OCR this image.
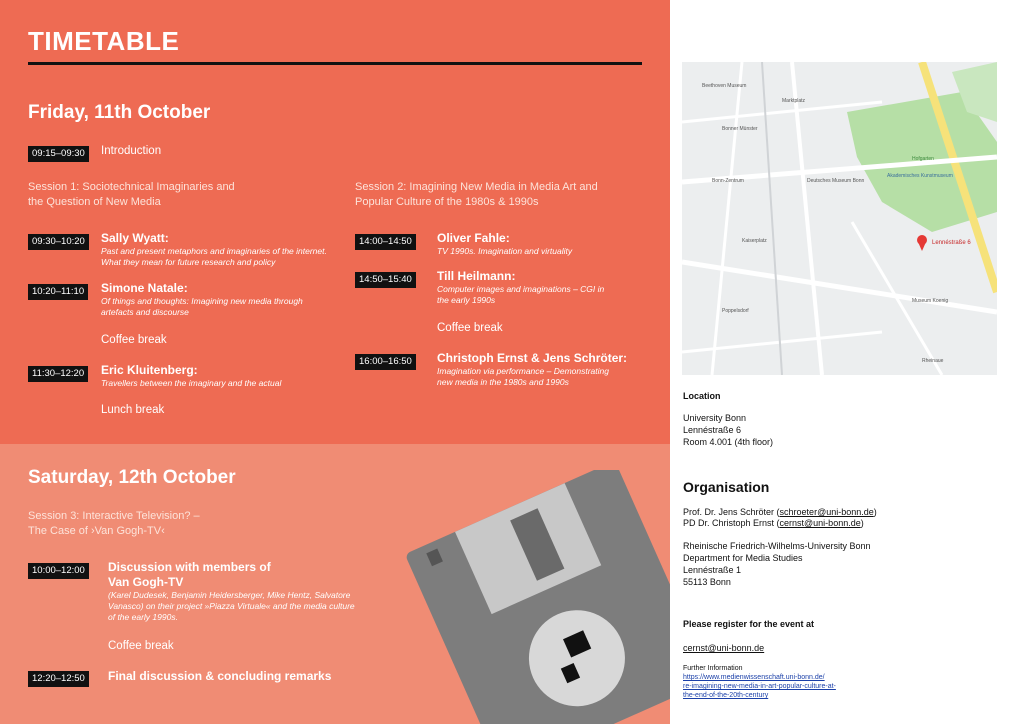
TIMETABLE
Friday, 11th October
09:15–09:30	Introduction
Session 1: Sociotechnical Imaginaries and the Question of New Media
Session 2: Imagining New Media in Media Art and Popular Culture of the 1980s & 1990s
09:30–10:20	Sally Wyatt:
Past and present metaphors and imaginaries of the internet. What they mean for future research and policy
10:20–11:10	Simone Natale:
Of things and thoughts: Imagining new media through artefacts and discourse
Coffee break
11:30–12:20	Eric Kluitenberg:
Travellers between the imaginary and the actual
Lunch break
14:00–14:50	Oliver Fahle:
TV 1990s. Imagination and virtuality
14:50–15:40	Till Heilmann:
Computer images and imaginations – CGI in the early 1990s
Coffee break
16:00–16:50	Christoph Ernst & Jens Schröter:
Imagination via performance – Demonstrating new media in the 1980s and 1990s
Saturday, 12th October
Session 3: Interactive Television? –
The Case of ›Van Gogh-TV‹
10:00–12:00	Discussion with members of
Van Gogh-TV
(Karel Dudesek, Benjamin Heidersberger, Mike Hentz, Salvatore Vanasco) on their project »Piazza Virtuale« and the media culture of the early 1990s.
Coffee break
12:20–12:50	Final discussion & concluding remarks
Lennéstraße 6
Hofgarten
Akademisches Kunstmuseum
Deutsches Museum Bonn
Beethoven Museum
Bonner Münster
Marktplatz
Bonn-Zentrum
Museum Koenig
Poppelsdorf
Kaiserplatz
Rheinaue
Location
University Bonn
Lennéstraße 6
Room 4.001 (4th floor)
Organisation
Prof. Dr. Jens Schröter (schroeter@uni-bonn.de)
PD Dr. Christoph Ernst (cernst@uni-bonn.de)
Rheinische Friedrich-Wilhelms-University Bonn
Department for Media Studies
Lennéstraße 1
55113 Bonn
Please register for the event at
cernst@uni-bonn.de
Further Information
https://www.medienwissenschaft.uni-bonn.de/
re-imagining-new-media-in-art-popular-culture-at-
the-end-of-the-20th-century
